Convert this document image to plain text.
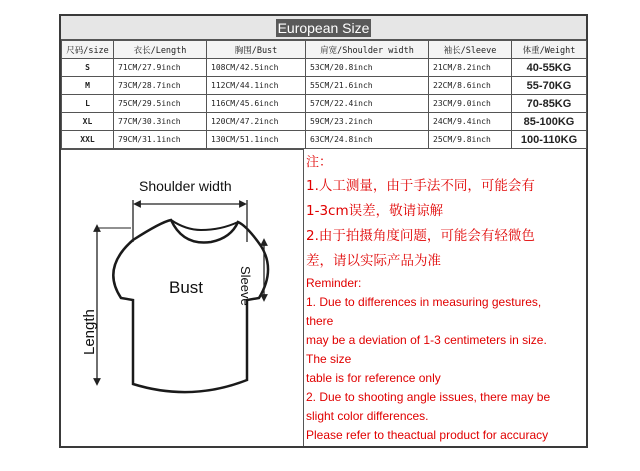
European Size
尺码/size	衣长/Length	胸围/Bust	肩宽/Shoulder width	袖长/Sleeve	体重/Weight
S	71CM/27.9inch	108CM/42.5inch	53CM/20.8inch	21CM/8.2inch	40-55KG
M	73CM/28.7inch	112CM/44.1inch	55CM/21.6inch	22CM/8.6inch	55-70KG
L	75CM/29.5inch	116CM/45.6inch	57CM/22.4inch	23CM/9.0inch	70-85KG
XL	77CM/30.3inch	120CM/47.2inch	59CM/23.2inch	24CM/9.4inch	85-100KG
XXL	79CM/31.1inch	130CM/51.1inch	63CM/24.8inch	25CM/9.8inch	100-110KG
Shoulder width
Bust	Sleeve
Length

注：

1.人工测量，由于手法不同，可能会有

1-3cm误差，敬请谅解

2.由于拍摄角度问题，可能会有轻微色

差，请以实际产品为准

Reminder:

1. Due to differences in measuring gestures,

there

may be a deviation of 1-3 centimeters in size.

The size

table is for reference only

2. Due to shooting angle issues, there may be

slight color differences.

Please refer to theactual product for accuracy
